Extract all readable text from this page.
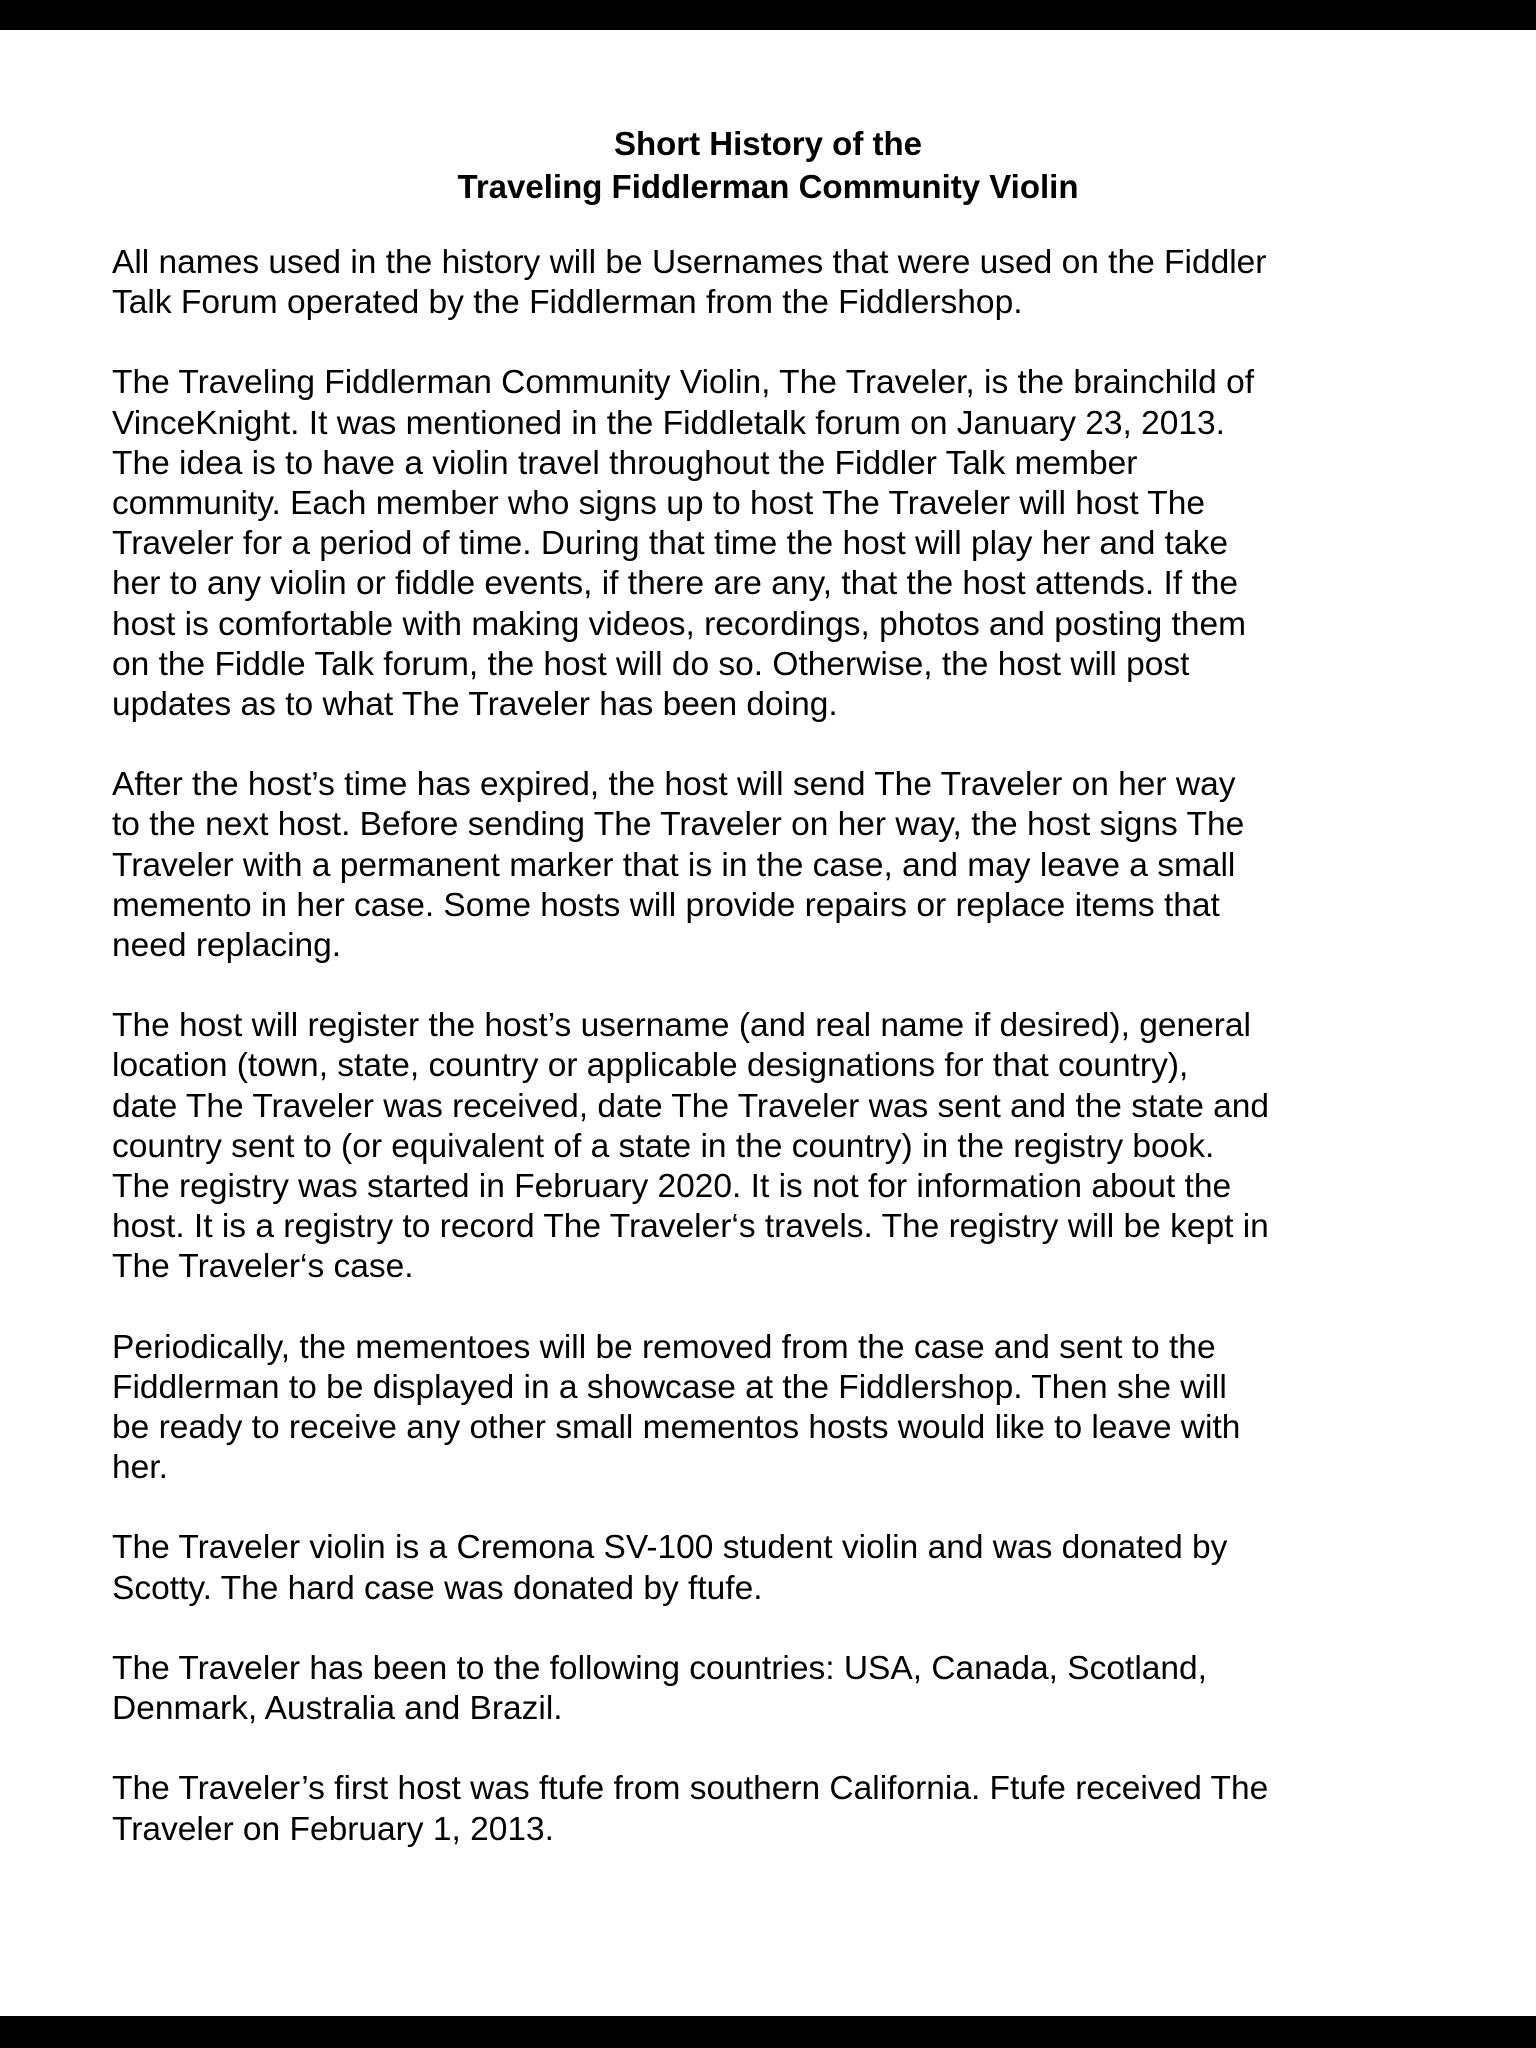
Short History of the
Traveling Fiddlerman Community Violin

All names used in the history will be Usernames that were used on the Fiddler
Talk Forum operated by the Fiddlerman from the Fiddlershop.

The Traveling Fiddlerman Community Violin, The Traveler, is the brainchild of
VinceKnight. It was mentioned in the Fiddletalk forum on January 23, 2013.
The idea is to have a violin travel throughout the Fiddler Talk member
community. Each member who signs up to host The Traveler will host The
Traveler for a period of time. During that time the host will play her and take
her to any violin or fiddle events, if there are any, that the host attends. If the
host is comfortable with making videos, recordings, photos and posting them
on the Fiddle Talk forum, the host will do so. Otherwise, the host will post
updates as to what The Traveler has been doing.

After the host’s time has expired, the host will send The Traveler on her way
to the next host. Before sending The Traveler on her way, the host signs The
Traveler with a permanent marker that is in the case, and may leave a small
memento in her case. Some hosts will provide repairs or replace items that
need replacing.

The host will register the host’s username (and real name if desired), general
location (town, state, country or applicable designations for that country),
date The Traveler was received, date The Traveler was sent and the state and
country sent to (or equivalent of a state in the country) in the registry book.
The registry was started in February 2020. It is not for information about the
host. It is a registry to record The Traveler‘s travels. The registry will be kept in
The Traveler‘s case.

Periodically, the mementoes will be removed from the case and sent to the
Fiddlerman to be displayed in a showcase at the Fiddlershop. Then she will
be ready to receive any other small mementos hosts would like to leave with
her.

The Traveler violin is a Cremona SV-100 student violin and was donated by
Scotty. The hard case was donated by ftufe.

The Traveler has been to the following countries: USA, Canada, Scotland,
Denmark, Australia and Brazil.

The Traveler’s first host was ftufe from southern California. Ftufe received The
Traveler on February 1, 2013.
